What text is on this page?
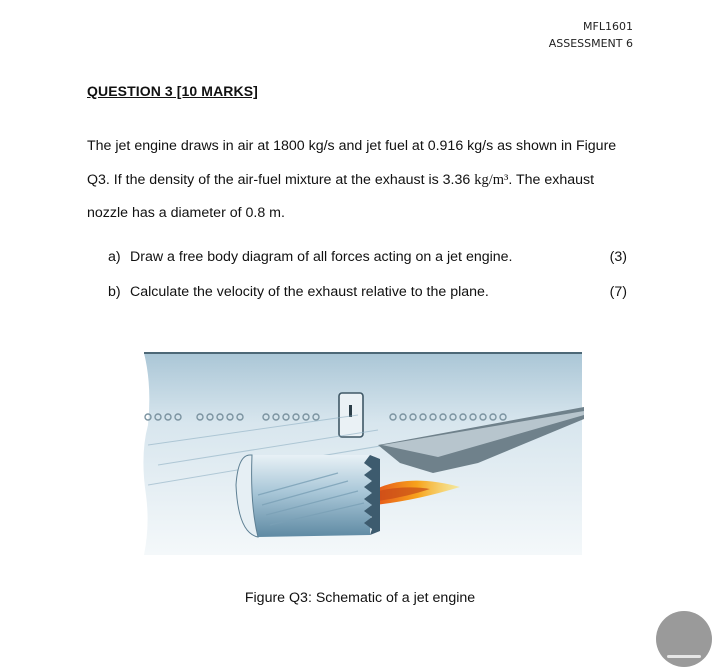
MFL1601
ASSESSMENT 6
QUESTION 3 [10 MARKS]
The jet engine draws in air at 1800 kg/s and jet fuel at 0.916 kg/s as shown in Figure
Q3. If the density of the air-fuel mixture at the exhaust is 3.36 kg/m³. The exhaust
nozzle has a diameter of 0.8 m.
a) Draw a free body diagram of all forces acting on a jet engine.	(3)
b) Calculate the velocity of the exhaust relative to the plane.	(7)
Figure Q3: Schematic of a jet engine
